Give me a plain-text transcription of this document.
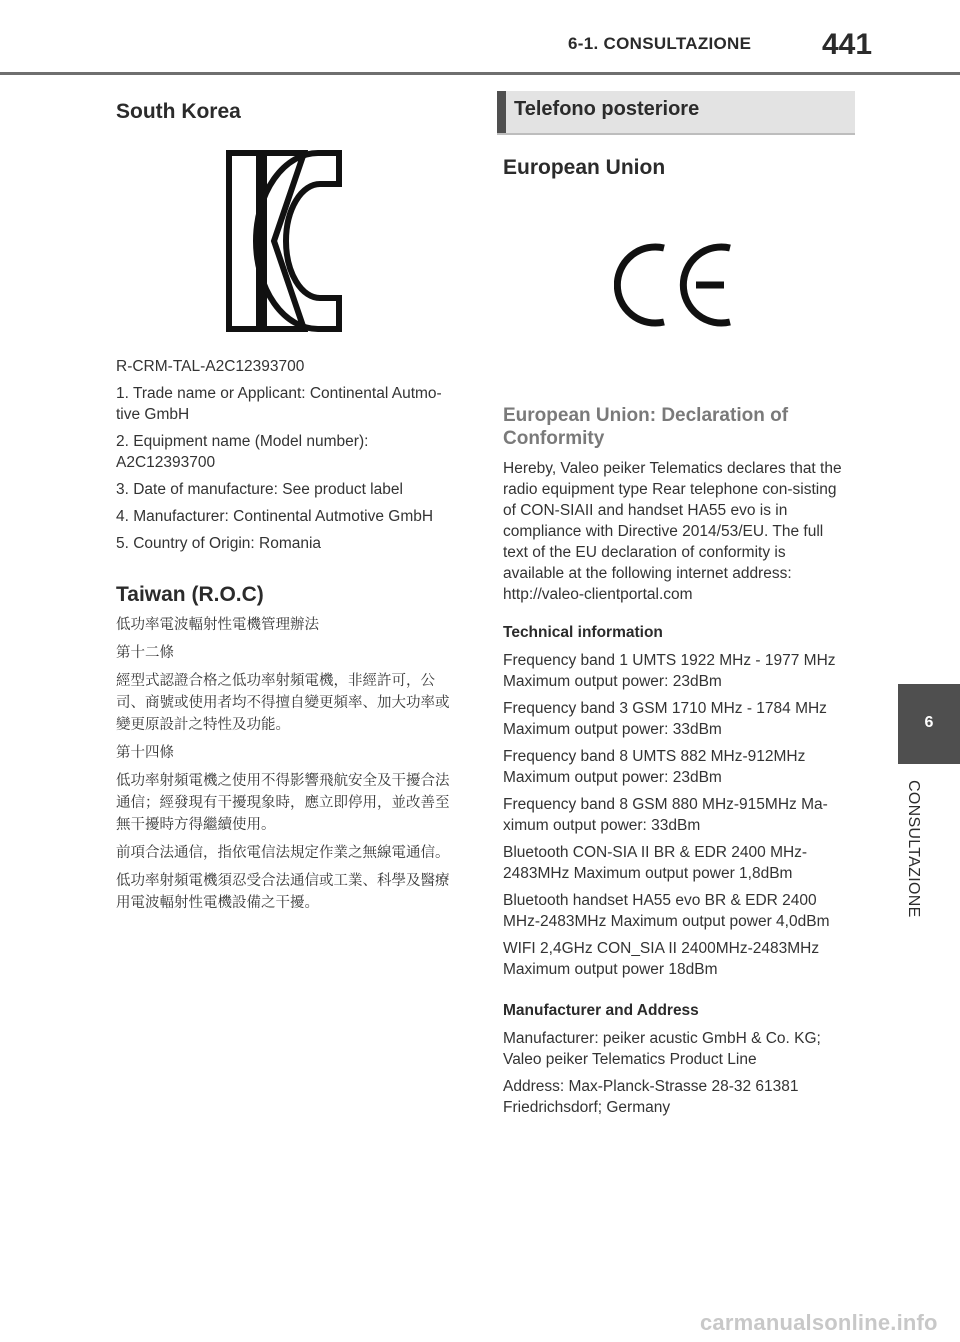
6-1. CONSULTAZIONE 441
6
CONSULTAZIONE
South Korea

R-CRM-TAL-A2C12393700

1. Trade name or Applicant: Continental Autmo-tive GmbH

2. Equipment name (Model number): A2C12393700

3. Date of manufacture: See product label

4. Manufacturer: Continental Autmotive GmbH

5. Country of Origin: Romania

Taiwan (R.O.C)

低功率電波輻射性電機管理辦法

第十二條

經型式認證合格之低功率射頻電機，非經許可，公司、商號或使用者均不得擅自變更頻率、加大功率或變更原設計之特性及功能。

第十四條

低功率射頻電機之使用不得影響飛航安全及干擾合法通信；經發現有干擾現象時，應立即停用，並改善至無干擾時方得繼續使用。

前項合法通信，指依電信法規定作業之無線電通信。

低功率射頻電機須忍受合法通信或工業、科學及醫療用電波輻射性電機設備之干擾。

Telefono posteriore
European Union

European Union: Declaration of Conformity

Hereby, Valeo peiker Telematics declares that the radio equipment type Rear telephone con-sisting of CON-SIAII and handset HA55 evo is in compliance with Directive 2014/53/EU. The full text of the EU declaration of conformity is available at the following internet address: http://valeo-clientportal.com

Technical information

Frequency band 1 UMTS 1922 MHz - 1977 MHz Maximum output power: 23dBm

Frequency band 3 GSM 1710 MHz - 1784 MHz Maximum output power: 33dBm

Frequency band 8 UMTS 882 MHz-912MHz Maximum output power: 23dBm

Frequency band 8 GSM 880 MHz-915MHz Ma-ximum output power: 33dBm

Bluetooth CON-SIA II BR & EDR 2400 MHz-2483MHz Maximum output power 1,8dBm

Bluetooth handset HA55 evo BR & EDR 2400 MHz-2483MHz Maximum output power 4,0dBm

WIFI 2,4GHz CON_SIA II 2400MHz-2483MHz Maximum output power 18dBm

Manufacturer and Address

Manufacturer: peiker acustic GmbH & Co. KG; Valeo peiker Telematics Product Line

Address: Max-Planck-Strasse 28-32 61381 Friedrichsdorf; Germany

carmanualsonline.info
